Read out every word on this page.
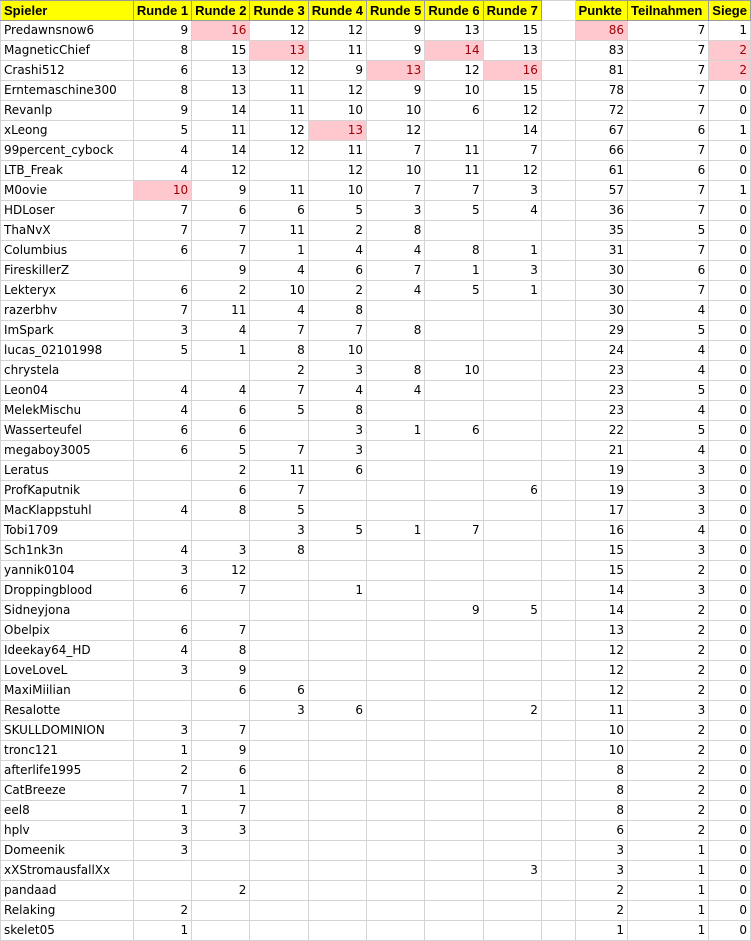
Spieler	Runde 1	Runde 2	Runde 3	Runde 4	Runde 5	Runde 6	Runde 7		Punkte	Teilnahmen	Siege
Predawnsnow6	9	16	12	12	9	13	15		86	7	1
MagneticChief	8	15	13	11	9	14	13		83	7	2
Crashi512	6	13	12	9	13	12	16		81	7	2
Erntemaschine300	8	13	11	12	9	10	15		78	7	0
Revanlp	9	14	11	10	10	6	12		72	7	0
xLeong	5	11	12	13	12		14		67	6	1
99percent_cybock	4	14	12	11	7	11	7		66	7	0
LTB_Freak	4	12		12	10	11	12		61	6	0
M0ovie	10	9	11	10	7	7	3		57	7	1
HDLoser	7	6	6	5	3	5	4		36	7	0
ThaNvX	7	7	11	2	8				35	5	0
Columbius	6	7	1	4	4	8	1		31	7	0
FireskillerZ		9	4	6	7	1	3		30	6	0
Lekteryx	6	2	10	2	4	5	1		30	7	0
razerbhv	7	11	4	8					30	4	0
ImSpark	3	4	7	7	8				29	5	0
lucas_02101998	5	1	8	10					24	4	0
chrystela			2	3	8	10			23	4	0
Leon04	4	4	7	4	4				23	5	0
MelekMischu	4	6	5	8					23	4	0
Wasserteufel	6	6		3	1	6			22	5	0
megaboy3005	6	5	7	3					21	4	0
Leratus		2	11	6					19	3	0
ProfKaputnik		6	7				6		19	3	0
MacKlappstuhl	4	8	5						17	3	0
Tobi1709			3	5	1	7			16	4	0
Sch1nk3n	4	3	8						15	3	0
yannik0104	3	12							15	2	0
Droppingblood	6	7		1					14	3	0
Sidneyjona						9	5		14	2	0
Obelpix	6	7							13	2	0
Ideekay64_HD	4	8							12	2	0
LoveLoveL	3	9							12	2	0
MaxiMiilian		6	6						12	2	0
Resalotte			3	6			2		11	3	0
SKULLDOMINION	3	7							10	2	0
tronc121	1	9							10	2	0
afterlife1995	2	6							8	2	0
CatBreeze	7	1							8	2	0
eel8	1	7							8	2	0
hplv	3	3							6	2	0
Domeenik	3								3	1	0
xXStromausfallXx							3		3	1	0
pandaad		2							2	1	0
Relaking	2								2	1	0
skelet05	1								1	1	0
